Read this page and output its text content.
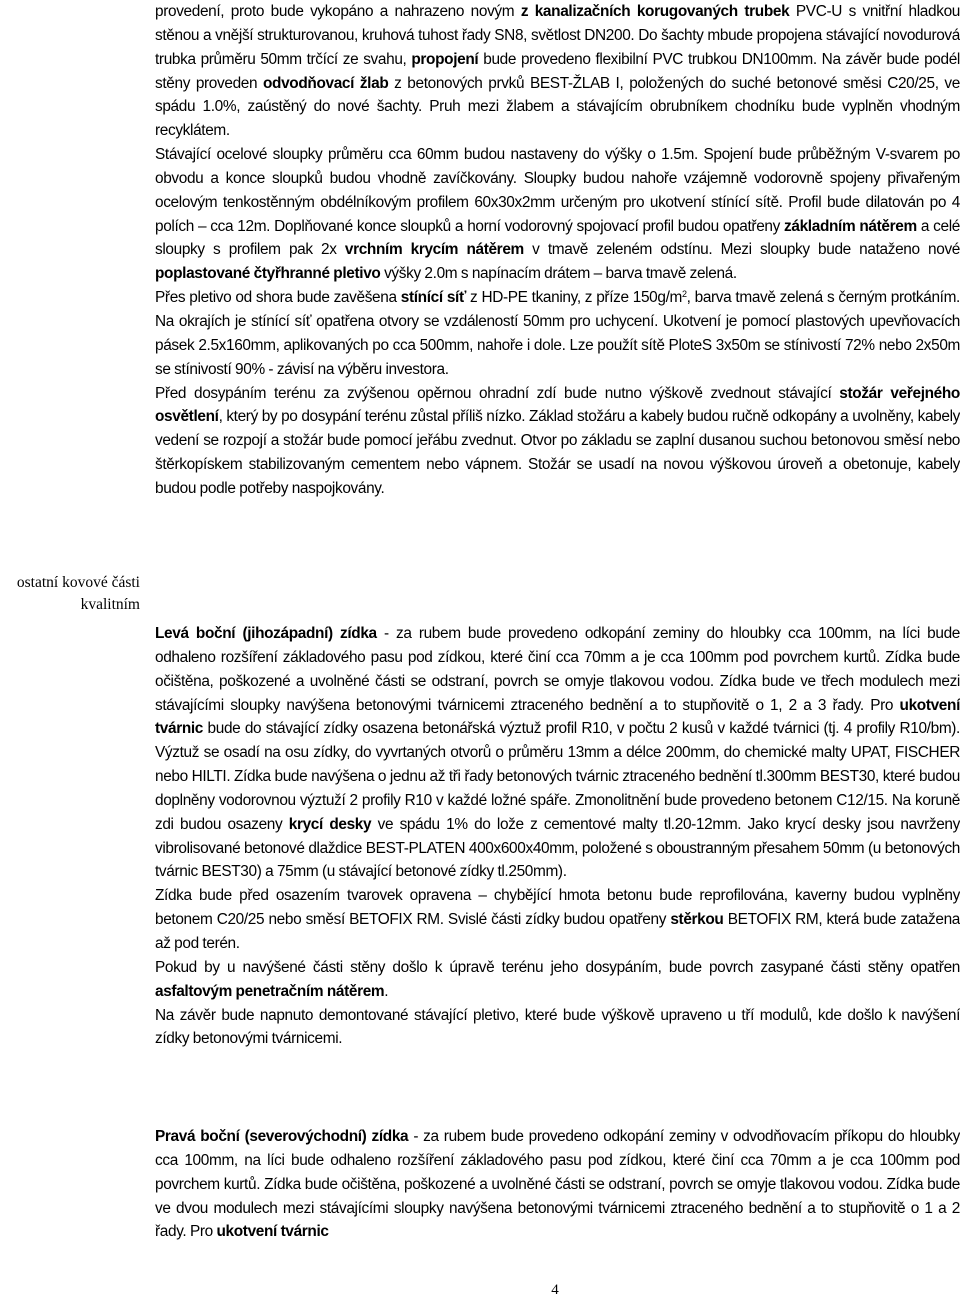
ostatní kovové části
kvalitním

provedení, proto bude vykopáno a nahrazeno novým z kanalizačních korugovaných trubek PVC-U s vnitřní hladkou stěnou a vnější strukturovanou, kruhová tuhost řady SN8, světlost DN200. Do šachty mbude propojena stávající novodurová trubka průměru 50mm trčící ze svahu, propojení bude provedeno flexibilní PVC trubkou DN100mm. Na závěr bude podél stěny proveden odvodňovací žlab z betonových prvků BEST-ŽLAB I, položených do suché betonové směsi C20/25, ve spádu 1.0%, zaústěný do nové šachty. Pruh mezi žlabem a stávajícím obrubníkem chodníku bude vyplněn vhodným recyklátem.

Stávající ocelové sloupky průměru cca 60mm budou nastaveny do výšky o 1.5m. Spojení bude průběžným V-svarem po obvodu a konce sloupků budou vhodně zavíčkovány. Sloupky budou nahoře vzájemně vodorovně spojeny přivařeným ocelovým tenkostěnným obdélníkovým profilem 60x30x2mm určeným pro ukotvení stínící sítě. Profil bude dilatován po 4 polích – cca 12m. Doplňované konce sloupků a horní vodorovný spojovací profil budou opatřeny základním nátěrem a celé sloupky s profilem pak 2x vrchním krycím nátěrem v tmavě zeleném odstínu. Mezi sloupky bude nataženo nové poplastované čtyřhranné pletivo výšky 2.0m s napínacím drátem – barva tmavě zelená.

Přes pletivo od shora bude zavěšena stínící síť z HD-PE tkaniny, z příze $150g/m^2$, barva tmavě zelená s černým protkáním. Na okrajích je stínící síť opatřena otvory se vzdáleností 50mm pro uchycení. Ukotvení je pomocí plastových upevňovacích pásek 2.5x160mm, aplikovaných po cca 500mm, nahoře i dole. Lze použít sítě PloteS 3x50m se stínivostí 72% nebo 2x50m se stínivostí 90% - závisí na výběru investora.

Před dosypáním terénu za zvýšenou opěrnou ohradní zdí bude nutno výškově zvednout stávající stožár veřejného osvětlení, který by po dosypání terénu zůstal příliš nízko. Základ stožáru a kabely budou ručně odkopány a uvolněny, kabely vedení se rozpojí a stožár bude pomocí jeřábu zvednut. Otvor po základu se zaplní dusanou suchou betonovou směsí nebo štěrkopískem stabilizovaným cementem nebo vápnem. Stožár se usadí na novou výškovou úroveň a obetonuje, kabely budou podle potřeby naspojkovány.

Levá boční (jihozápadní) zídka - za rubem bude provedeno odkopání zeminy do hloubky cca 100mm, na líci bude odhaleno rozšíření základového pasu pod zídkou, které činí cca 70mm a je cca 100mm pod povrchem kurtů. Zídka bude očištěna, poškozené a uvolněné části se odstraní, povrch se omyje tlakovou vodou. Zídka bude ve třech modulech mezi stávajícími sloupky navýšena betonovými tvárnicemi ztraceného bednění a to stupňovitě o 1, 2 a 3 řady. Pro ukotvení tvárnic bude do stávající zídky osazena betonářská výztuž profil R10, v počtu 2 kusů v každé tvárnici (tj. 4 profily R10/bm). Výztuž se osadí na osu zídky, do vyvrtaných otvorů o průměru 13mm a délce 200mm, do chemické malty UPAT, FISCHER nebo HILTI. Zídka bude navýšena o jednu až tři řady betonových tvárnic ztraceného bednění tl.300mm BEST30, které budou doplněny vodorovnou výztuží 2 profily R10 v každé ložné spáře. Zmonolitnění bude provedeno betonem C12/15. Na koruně zdi budou osazeny krycí desky ve spádu 1% do lože z cementové malty tl.20-12mm. Jako krycí desky jsou navrženy vibrolisované betonové dlaždice BEST-PLATEN 400x600x40mm, položené s oboustranným přesahem 50mm (u betonových tvárnic BEST30) a 75mm (u stávající betonové zídky tl.250mm).

Zídka bude před osazením tvarovek opravena – chybějící hmota betonu bude reprofilována, kaverny budou vyplněny betonem C20/25 nebo směsí BETOFIX RM. Svislé části zídky budou opatřeny stěrkou BETOFIX RM, která bude zatažena až pod terén.

Pokud by u navýšené části stěny došlo k úpravě terénu jeho dosypáním, bude povrch zasypané části stěny opatřen asfaltovým penetračním nátěrem.

Na závěr bude napnuto demontované stávající pletivo, které bude výškově upraveno u tří modulů, kde došlo k navýšení zídky betonovými tvárnicemi.

Pravá boční (severovýchodní) zídka - za rubem bude provedeno odkopání zeminy v odvodňovacím příkopu do hloubky cca 100mm, na líci bude odhaleno rozšíření základového pasu pod zídkou, které činí cca 70mm a je cca 100mm pod povrchem kurtů. Zídka bude očištěna, poškozené a uvolněné části se odstraní, povrch se omyje tlakovou vodou. Zídka bude ve dvou modulech mezi stávajícími sloupky navýšena betonovými tvárnicemi ztraceného bednění a to stupňovitě o 1 a 2 řady. Pro ukotvení tvárnic

4
